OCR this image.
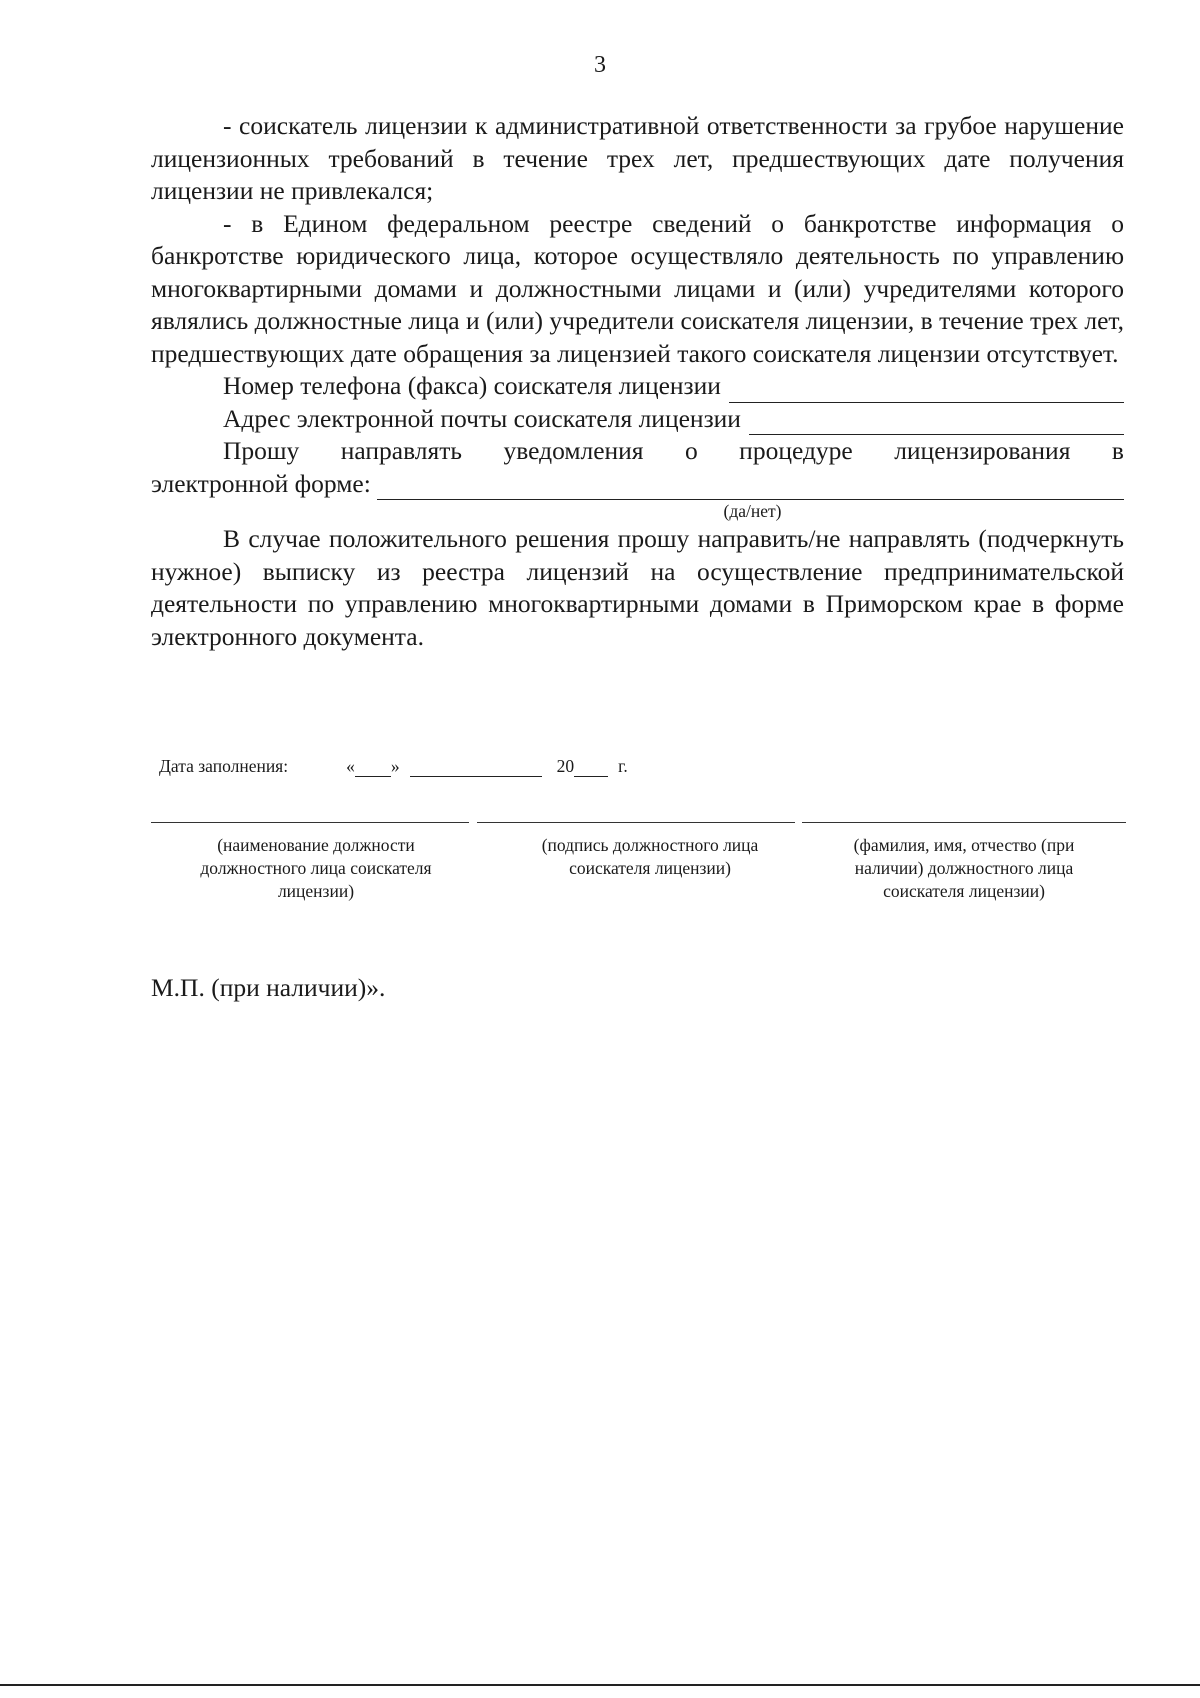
3

- соискатель лицензии к административной ответственности за грубое нарушение лицензионных требований в течение трех лет, предшествующих дате получения лицензии не привлекался;

- в Едином федеральном реестре сведений о банкротстве информация о банкротстве юридического лица, которое осуществляло деятельность по управлению многоквартирными домами и должностными лицами и (или) учредителями которого являлись должностные лица и (или) учредители соискателя лицензии, в течение трех лет, предшествующих дате обращения за лицензией такого соискателя лицензии отсутствует.

Номер телефона (факса) соискателя лицензии
Адрес электронной почты соискателя лицензии
Прошу направлять уведомления о процедуре лицензирования в
электронной форме:
(да/нет)

В случае положительного решения прошу направить/не направлять (подчеркнуть нужное) выписку из реестра лицензий на осуществление предпринимательской деятельности по управлению многоквартирными домами в Приморском крае в форме электронного документа.

Дата заполнения:	« »	20	г.
(наименование должности должностного лица соискателя лицензии)
(подпись должностного лица соискателя лицензии)
(фамилия, имя, отчество (при наличии) должностного лица соискателя лицензии)
М.П. (при наличии)».
